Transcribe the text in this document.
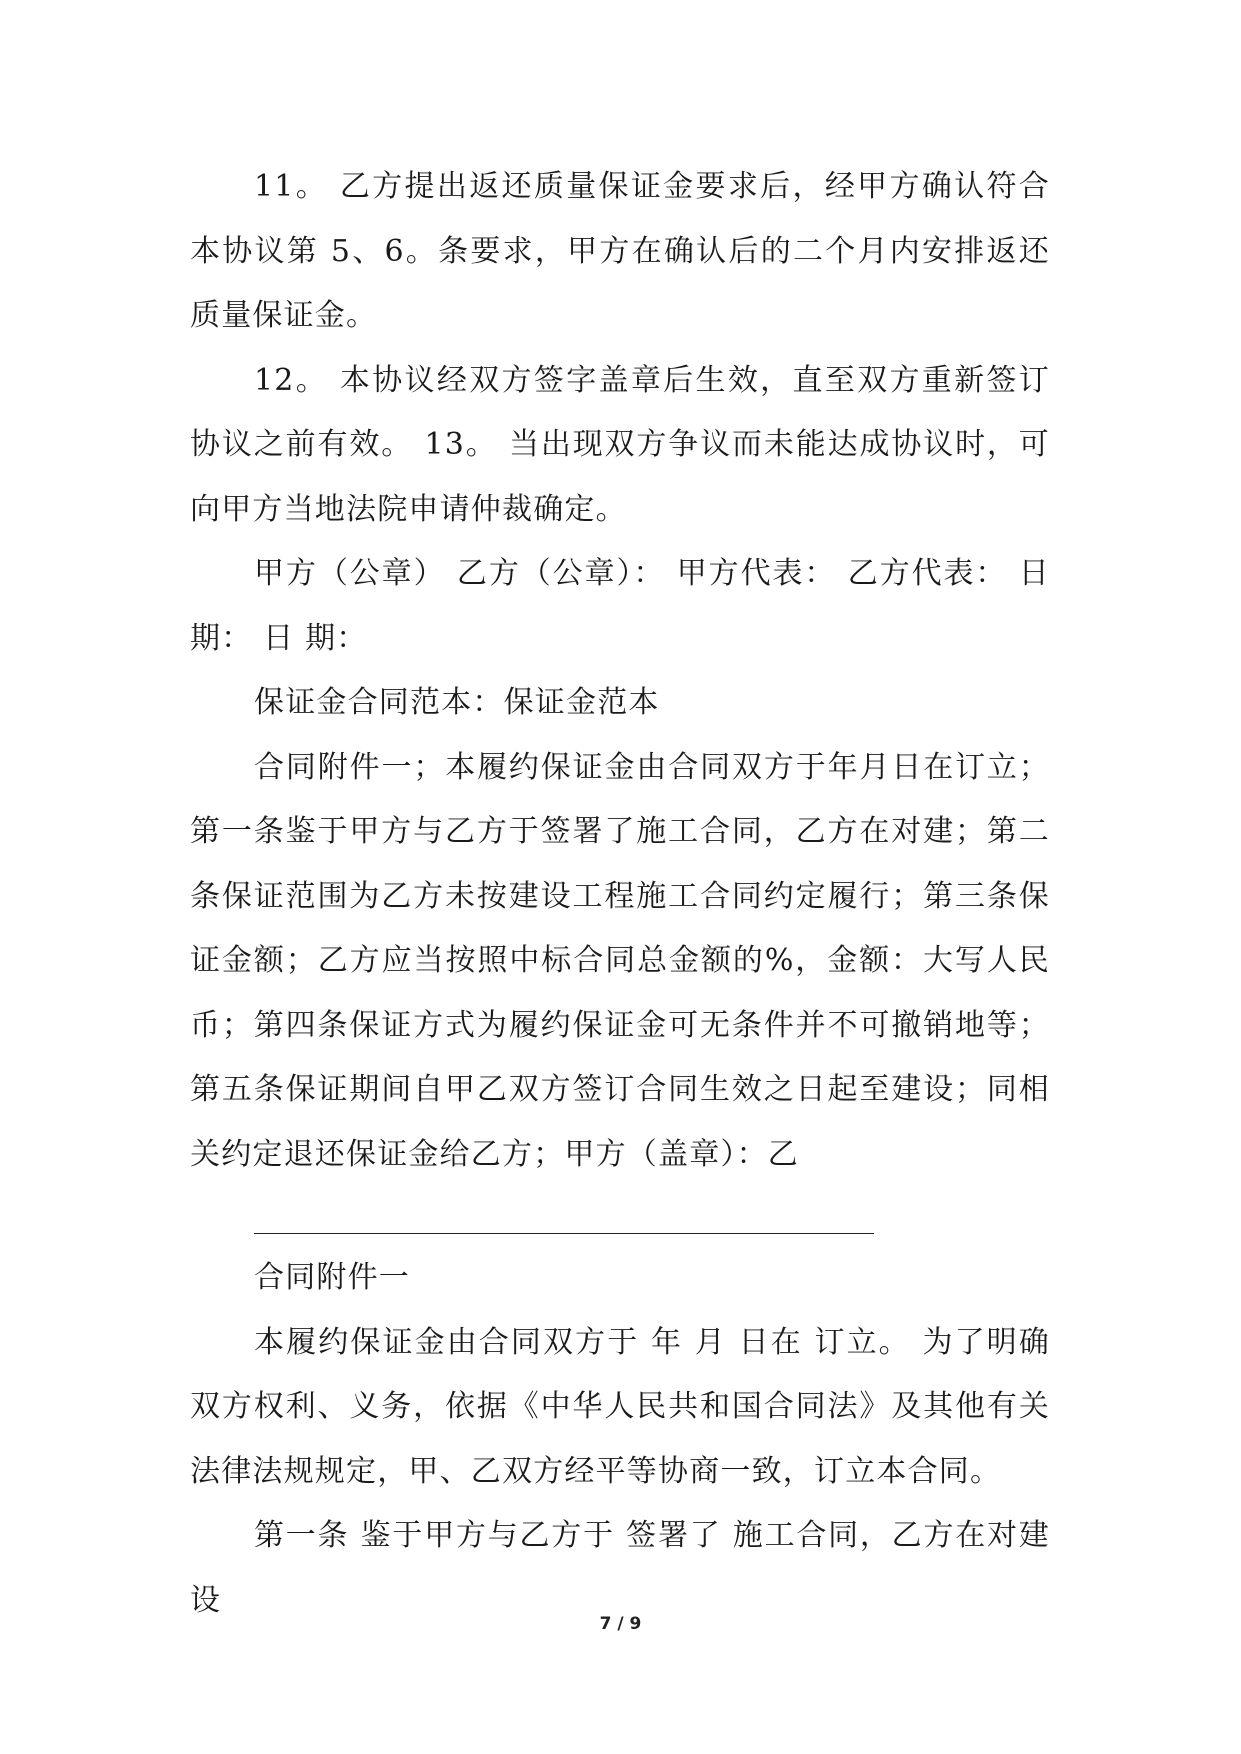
11。 乙方提出返还质量保证金要求后，经甲方确认符合本协议第 5、6。条要求，甲方在确认后的二个月内安排返还质量保证金。

12。 本协议经双方签字盖章后生效，直至双方重新签订协议之前有效。 13。 当出现双方争议而未能达成协议时，可向甲方当地法院申请仲裁确定。

甲方（公章） 乙方（公章）： 甲方代表： 乙方代表： 日 期： 日 期：

保证金合同范本：保证金范本

合同附件一；本履约保证金由合同双方于年月日在订立；第一条鉴于甲方与乙方于签署了施工合同，乙方在对建；第二条保证范围为乙方未按建设工程施工合同约定履行；第三条保证金额；乙方应当按照中标合同总金额的%，金额：大写人民币；第四条保证方式为履约保证金可无条件并不可撤销地等；第五条保证期间自甲乙双方签订合同生效之日起至建设；同相关约定退还保证金给乙方；甲方（盖章）：乙

合同附件一

本履约保证金由合同双方于 年 月 日在 订立。 为了明确双方权利、义务，依据《中华人民共和国合同法》及其他有关法律法规规定，甲、乙双方经平等协商一致，订立本合同。

第一条 鉴于甲方与乙方于 签署了 施工合同，乙方在对建设

7 / 9
